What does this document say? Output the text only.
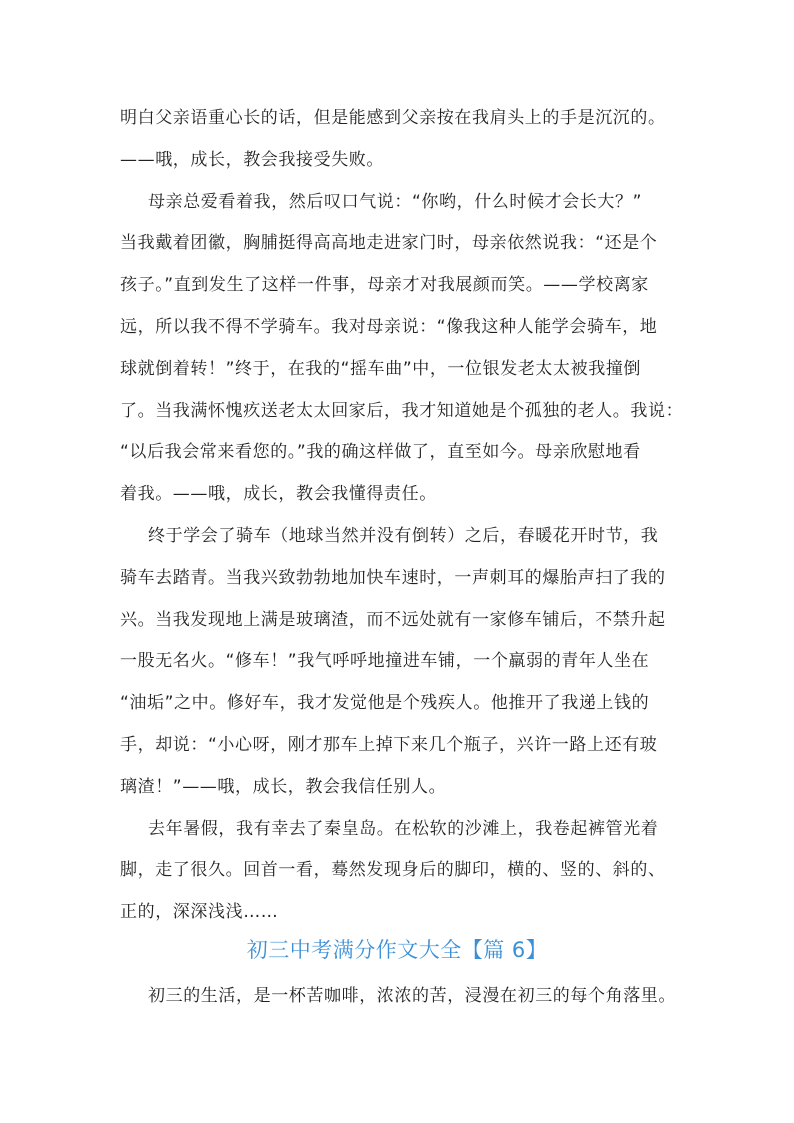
明白父亲语重心长的话，但是能感到父亲按在我肩头上的手是沉沉的。
——哦，成长，教会我接受失败。
母亲总爱看着我，然后叹口气说：“你哟，什么时候才会长大？”
当我戴着团徽，胸脯挺得高高地走进家门时，母亲依然说我：“还是个
孩子。”直到发生了这样一件事，母亲才对我展颜而笑。——学校离家
远，所以我不得不学骑车。我对母亲说：“像我这种人能学会骑车，地
球就倒着转！”终于，在我的“摇车曲”中，一位银发老太太被我撞倒
了。当我满怀愧疚送老太太回家后，我才知道她是个孤独的老人。我说：
“以后我会常来看您的。”我的确这样做了，直至如今。母亲欣慰地看
着我。——哦，成长，教会我懂得责任。
终于学会了骑车（地球当然并没有倒转）之后，春暖花开时节，我
骑车去踏青。当我兴致勃勃地加快车速时，一声刺耳的爆胎声扫了我的
兴。当我发现地上满是玻璃渣，而不远处就有一家修车铺后，不禁升起
一股无名火。“修车！”我气呼呼地撞进车铺，一个羸弱的青年人坐在
“油垢”之中。修好车，我才发觉他是个残疾人。他推开了我递上钱的
手，却说：“小心呀，刚才那车上掉下来几个瓶子，兴许一路上还有玻
璃渣！”——哦，成长，教会我信任别人。
去年暑假，我有幸去了秦皇岛。在松软的沙滩上，我卷起裤管光着
脚，走了很久。回首一看，蓦然发现身后的脚印，横的、竖的、斜的、
正的，深深浅浅……
初三中考满分作文大全【篇 6】
初三的生活，是一杯苦咖啡，浓浓的苦，浸漫在初三的每个角落里。
